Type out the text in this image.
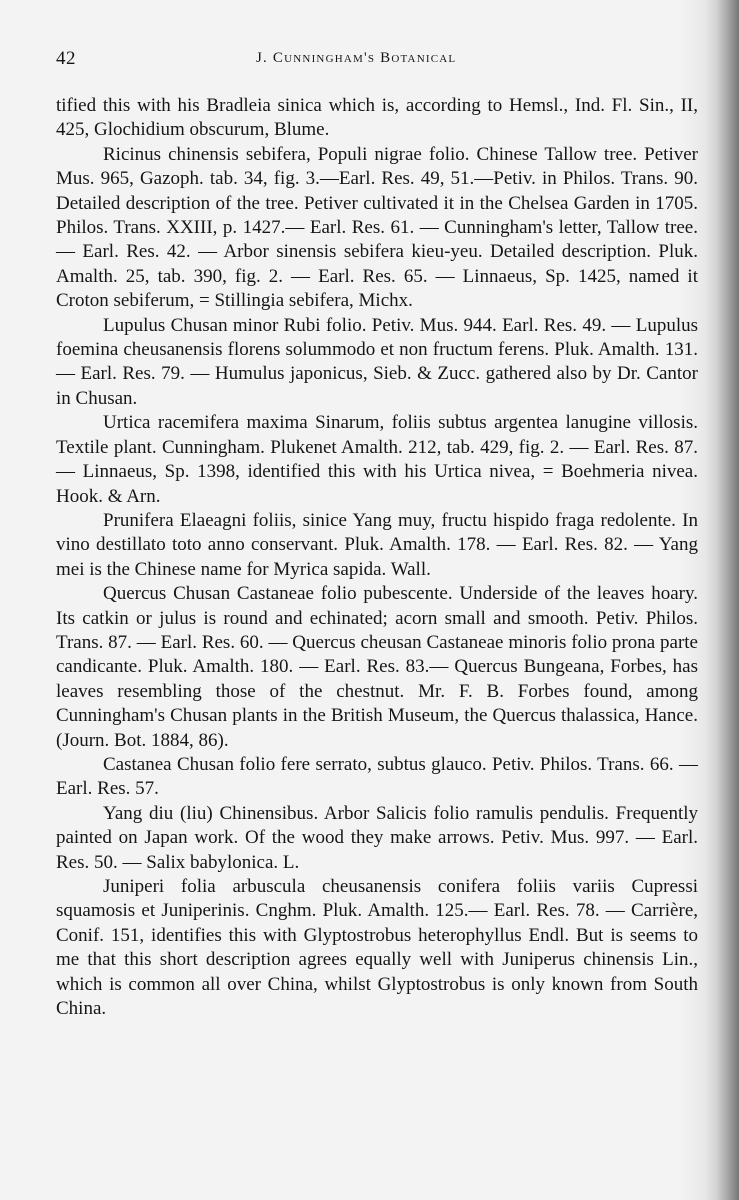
42	J. Cunningham's Botanical

tified this with his Bradleia sinica which is, according to Hemsl., Ind. Fl. Sin., II, 425, Glochidium obscurum, Blume.

Ricinus chinensis sebifera, Populi nigrae folio. Chinese Tallow tree. Petiver Mus. 965, Gazoph. tab. 34, fig. 3.—Earl. Res. 49, 51.—Petiv. in Philos. Trans. 90. Detailed description of the tree. Petiver cultivated it in the Chelsea Garden in 1705. Philos. Trans. XXIII, p. 1427.— Earl. Res. 61. — Cunningham's letter, Tallow tree. — Earl. Res. 42. — Arbor sinensis sebifera kieu-yeu. Detailed description. Pluk. Amalth. 25, tab. 390, fig. 2. — Earl. Res. 65. — Linnaeus, Sp. 1425, named it Croton sebiferum, = Stillingia sebifera, Michx.

Lupulus Chusan minor Rubi folio. Petiv. Mus. 944. Earl. Res. 49. — Lupulus foemina cheusanensis florens solummodo et non fructum ferens. Pluk. Amalth. 131.— Earl. Res. 79. — Humulus japonicus, Sieb. & Zucc. gathered also by Dr. Cantor in Chusan.

Urtica racemifera maxima Sinarum, foliis subtus argentea lanugine villosis. Textile plant. Cunningham. Plukenet Amalth. 212, tab. 429, fig. 2. — Earl. Res. 87. — Linnaeus, Sp. 1398, identified this with his Urtica nivea, = Boehmeria nivea. Hook. & Arn.

Prunifera Elaeagni foliis, sinice Yang muy, fructu hispido fraga redolente. In vino destillato toto anno conservant. Pluk. Amalth. 178. — Earl. Res. 82. — Yang mei is the Chinese name for Myrica sapida. Wall.

Quercus Chusan Castaneae folio pubescente. Underside of the leaves hoary. Its catkin or julus is round and echinated; acorn small and smooth. Petiv. Philos. Trans. 87. — Earl. Res. 60. — Quercus cheusan Castaneae minoris folio prona parte candicante. Pluk. Amalth. 180. — Earl. Res. 83.— Quercus Bungeana, Forbes, has leaves resembling those of the chestnut. Mr. F. B. Forbes found, among Cunningham's Chusan plants in the British Museum, the Quercus thalassica, Hance. (Journ. Bot. 1884, 86).

Castanea Chusan folio fere serrato, subtus glauco. Petiv. Philos. Trans. 66. — Earl. Res. 57.

Yang diu (liu) Chinensibus. Arbor Salicis folio ramulis pendulis. Frequently painted on Japan work. Of the wood they make arrows. Petiv. Mus. 997. — Earl. Res. 50. — Salix babylonica. L.

Juniperi folia arbuscula cheusanensis conifera foliis variis Cupressi squamosis et Juniperinis. Cnghm. Pluk. Amalth. 125.— Earl. Res. 78. — Carrière, Conif. 151, identifies this with Glyptostrobus heterophyllus Endl. But is seems to me that this short description agrees equally well with Juniperus chinensis Lin., which is common all over China, whilst Glyptostrobus is only known from South China.
